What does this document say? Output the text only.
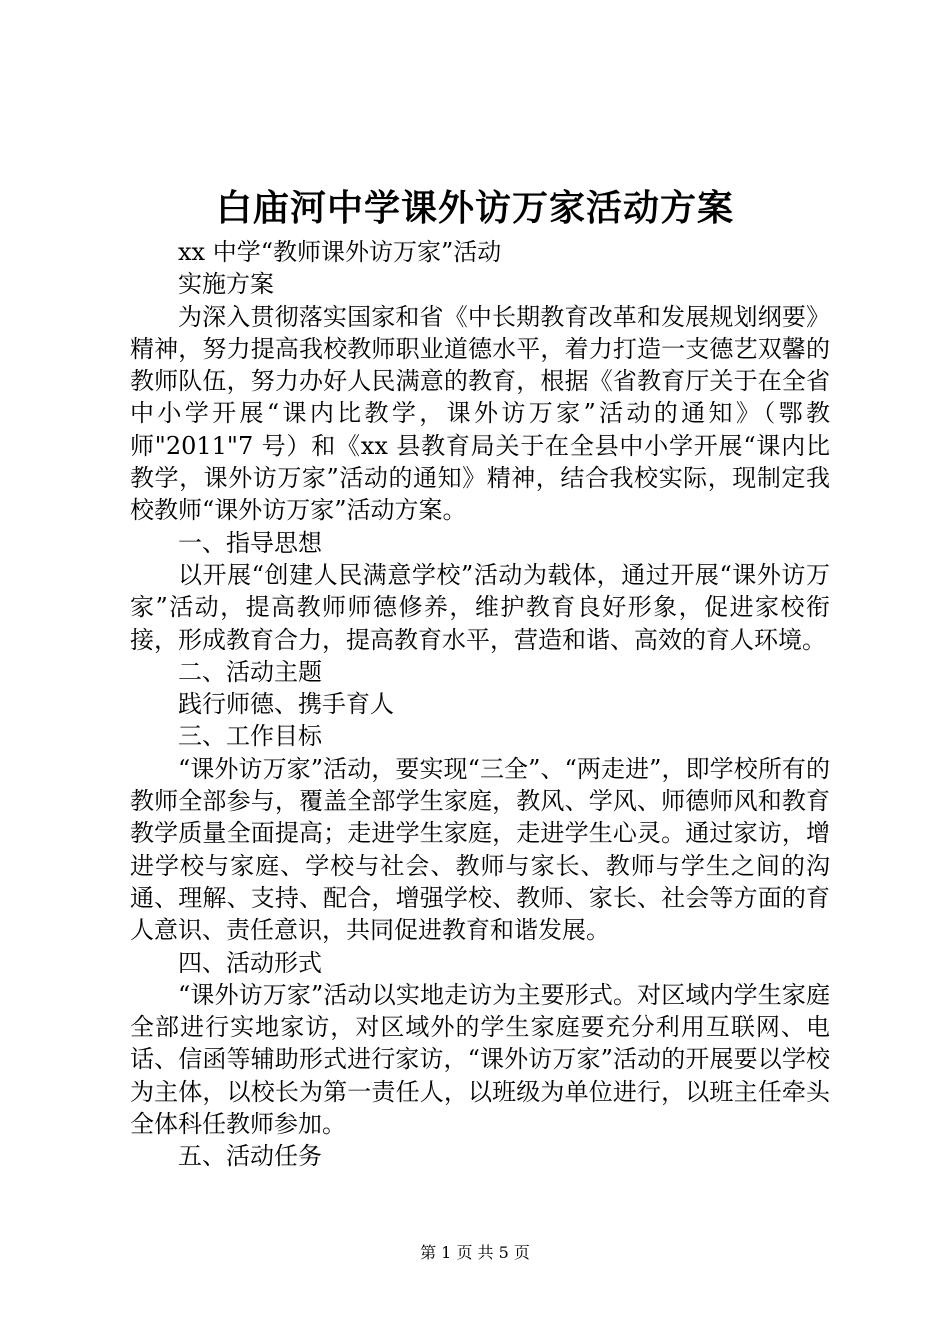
白庙河中学课外访万家活动方案

xx 中学“教师课外访万家”活动

实施方案

为深入贯彻落实国家和省《中长期教育改革和发展规划纲要》精神，努力提高我校教师职业道德水平，着力打造一支德艺双馨的教师队伍，努力办好人民满意的教育，根据《省教育厅关于在全省中小学开展“课内比教学，课外访万家”活动的通知》（鄂教师"2011"7 号）和《xx 县教育局关于在全县中小学开展“课内比教学，课外访万家”活动的通知》精神，结合我校实际，现制定我校教师“课外访万家”活动方案。

一、指导思想

以开展“创建人民满意学校”活动为载体，通过开展“课外访万家”活动，提高教师师德修养，维护教育良好形象，促进家校衔接，形成教育合力，提高教育水平，营造和谐、高效的育人环境。

二、活动主题

践行师德、携手育人

三、工作目标

“课外访万家”活动，要实现“三全”、“两走进”，即学校所有的教师全部参与，覆盖全部学生家庭，教风、学风、师德师风和教育教学质量全面提高；走进学生家庭，走进学生心灵。通过家访，增进学校与家庭、学校与社会、教师与家长、教师与学生之间的沟通、理解、支持、配合，增强学校、教师、家长、社会等方面的育人意识、责任意识，共同促进教育和谐发展。

四、活动形式

“课外访万家”活动以实地走访为主要形式。对区域内学生家庭全部进行实地家访，对区域外的学生家庭要充分利用互联网、电话、信函等辅助形式进行家访，“课外访万家”活动的开展要以学校为主体，以校长为第一责任人，以班级为单位进行，以班主任牵头全体科任教师参加。

五、活动任务

第 1 页 共 5 页
